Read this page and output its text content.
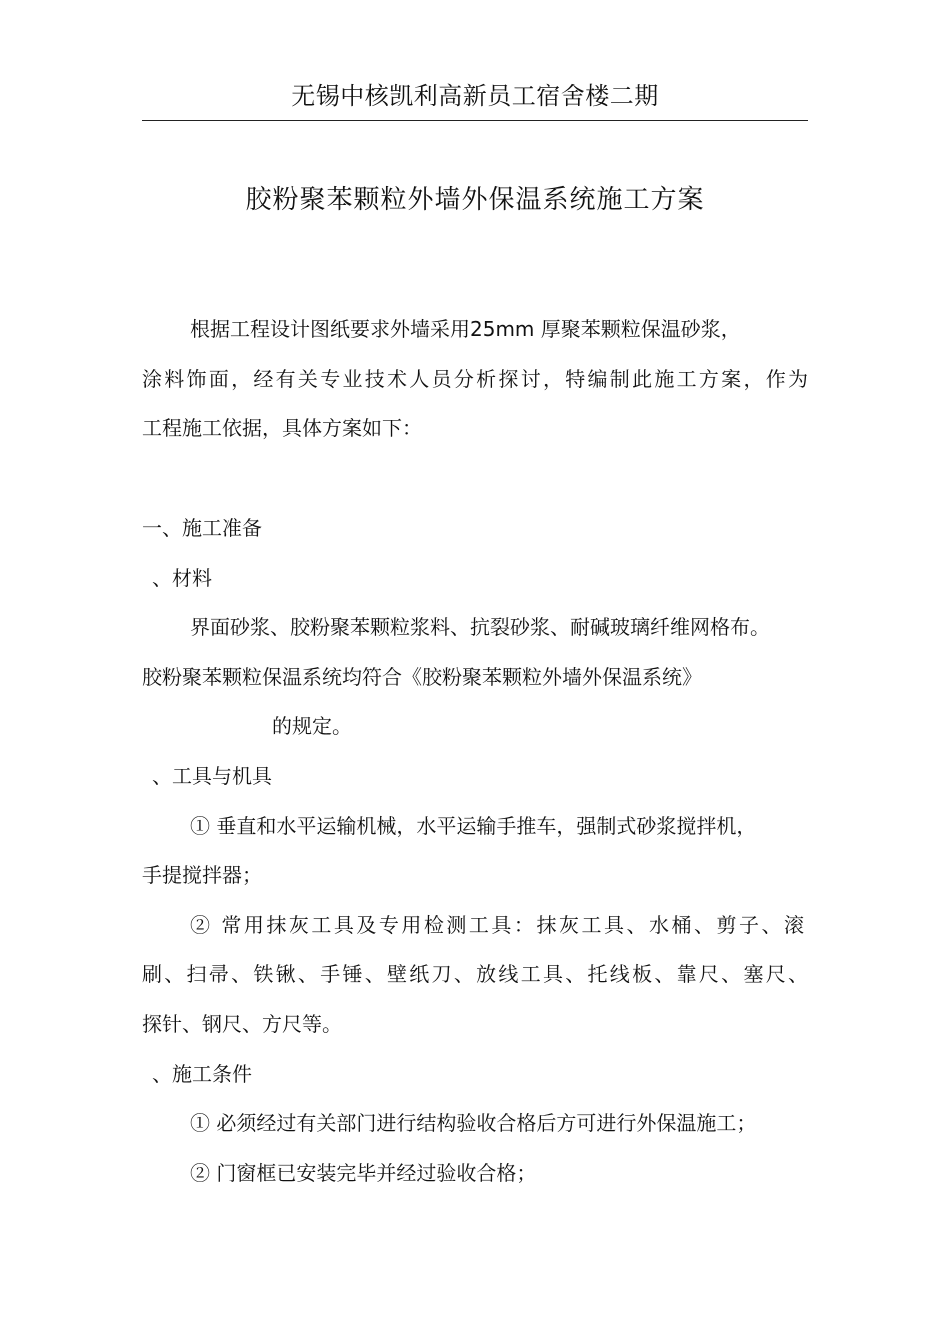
无锡中核凯利高新员工宿舍楼二期
胶粉聚苯颗粒外墙外保温系统施工方案
根据工程设计图纸要求外墙采用25mm 厚聚苯颗粒保温砂浆，
涂料饰面，经有关专业技术人员分析探讨，特编制此施工方案，作为
工程施工依据，具体方案如下：
一、施工准备
、材料
界面砂浆、胶粉聚苯颗粒浆料、抗裂砂浆、耐碱玻璃纤维网格布。
胶粉聚苯颗粒保温系统均符合《胶粉聚苯颗粒外墙外保温系统》
的规定。
、工具与机具
① 垂直和水平运输机械，水平运输手推车，强制式砂浆搅拌机，
手提搅拌器；
② 常用抹灰工具及专用检测工具：抹灰工具、水桶、剪子、滚
刷、扫帚、铁锹、手锤、壁纸刀、放线工具、托线板、靠尺、塞尺、
探针、钢尺、方尺等。
、施工条件
① 必须经过有关部门进行结构验收合格后方可进行外保温施工；
② 门窗框已安装完毕并经过验收合格；
